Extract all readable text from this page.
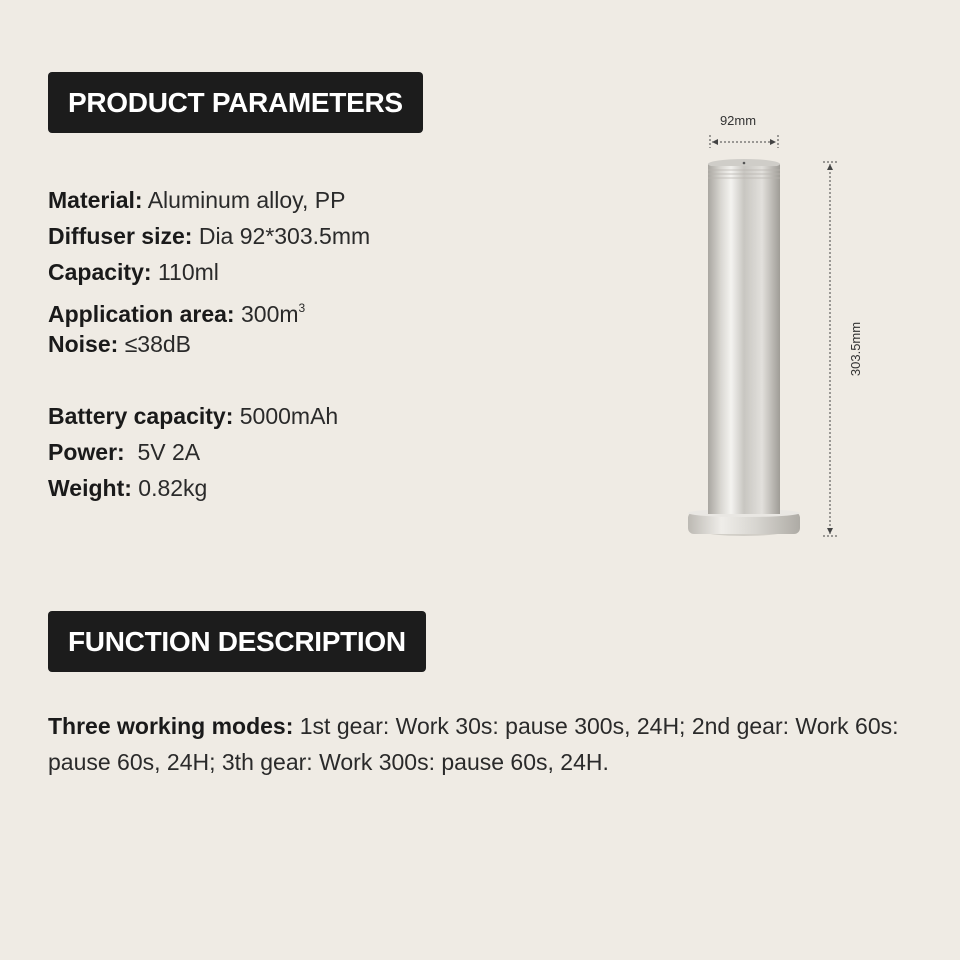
PRODUCT PARAMETERS
Material: Aluminum alloy, PP
Diffuser size: Dia 92*303.5mm
Capacity: 110ml
Application area: $300m^3$
Noise: ≤38dB
Battery capacity: 5000mAh
Power:  5V 2A
Weight: 0.82kg
92mm
303.5mm
FUNCTION DESCRIPTION
Three working modes: 1st gear: Work 30s: pause 300s, 24H; 2nd gear: Work 60s: pause 60s, 24H; 3th gear: Work 300s: pause 60s, 24H.
